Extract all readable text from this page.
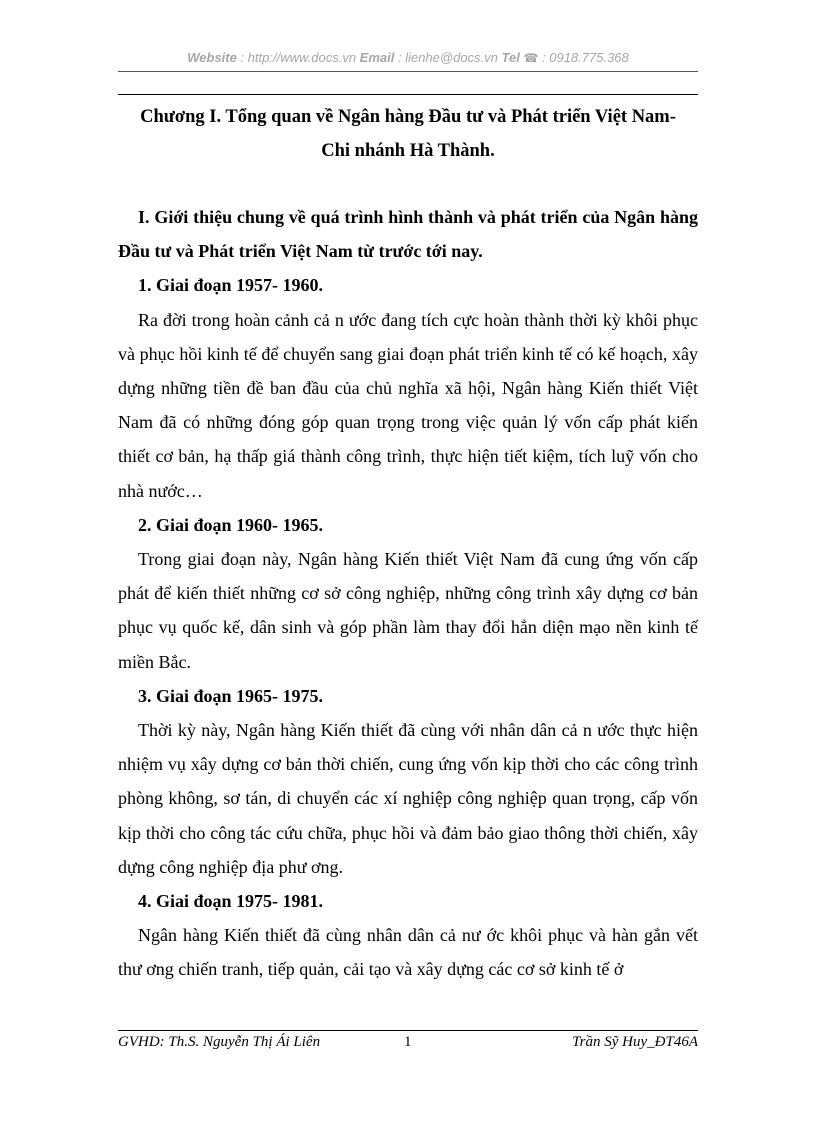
Website : http://www.docs.vn Email : lienhe@docs.vn Tel ☎ : 0918.775.368
Chương I. Tổng quan về Ngân hàng Đầu tư và Phát triển Việt Nam-
Chi nhánh Hà Thành.

I. Giới thiệu chung về quá trình hình thành và phát triển của Ngân hàng Đầu tư và Phát triển Việt Nam từ trước tới nay.

1. Giai đoạn 1957- 1960.

Ra đời trong hoàn cảnh cả n ước đang tích cực hoàn thành thời kỳ khôi phục và phục hồi kinh tế để chuyển sang giai đoạn phát triển kinh tế có kế hoạch, xây dựng những tiền đề ban đầu của chủ nghĩa xã hội, Ngân hàng Kiến thiết Việt Nam đã có những đóng góp quan trọng trong việc quản lý vốn cấp phát kiến thiết cơ bản, hạ thấp giá thành công trình, thực hiện tiết kiệm, tích luỹ vốn cho nhà nước…

2. Giai đoạn 1960- 1965.

Trong giai đoạn này, Ngân hàng Kiến thiết Việt Nam đã cung ứng vốn cấp phát để kiến thiết những cơ sở công nghiệp, những công trình xây dựng cơ bản phục vụ quốc kế, dân sinh và góp phần làm thay đổi hẳn diện mạo nền kinh tế miền Bắc.

3. Giai đoạn 1965- 1975.

Thời kỳ này, Ngân hàng Kiến thiết đã cùng với nhân dân cả n ước thực hiện nhiệm vụ xây dựng cơ bản thời chiến, cung ứng vốn kịp thời cho các công trình phòng không, sơ tán, di chuyển các xí nghiệp công nghiệp quan trọng, cấp vốn kịp thời cho công tác cứu chữa, phục hồi và đảm bảo giao thông thời chiến, xây dựng công nghiệp địa phư ơng.

4. Giai đoạn 1975- 1981.

Ngân hàng Kiến thiết đã cùng nhân dân cả nư ớc khôi phục và hàn gắn vết thư ơng chiến tranh, tiếp quản, cải tạo và xây dựng các cơ sở kinh tế ở

GVHD: Th.S. Nguyễn Thị Ái Liên	1	Trần Sỹ Huy_ĐT46A
